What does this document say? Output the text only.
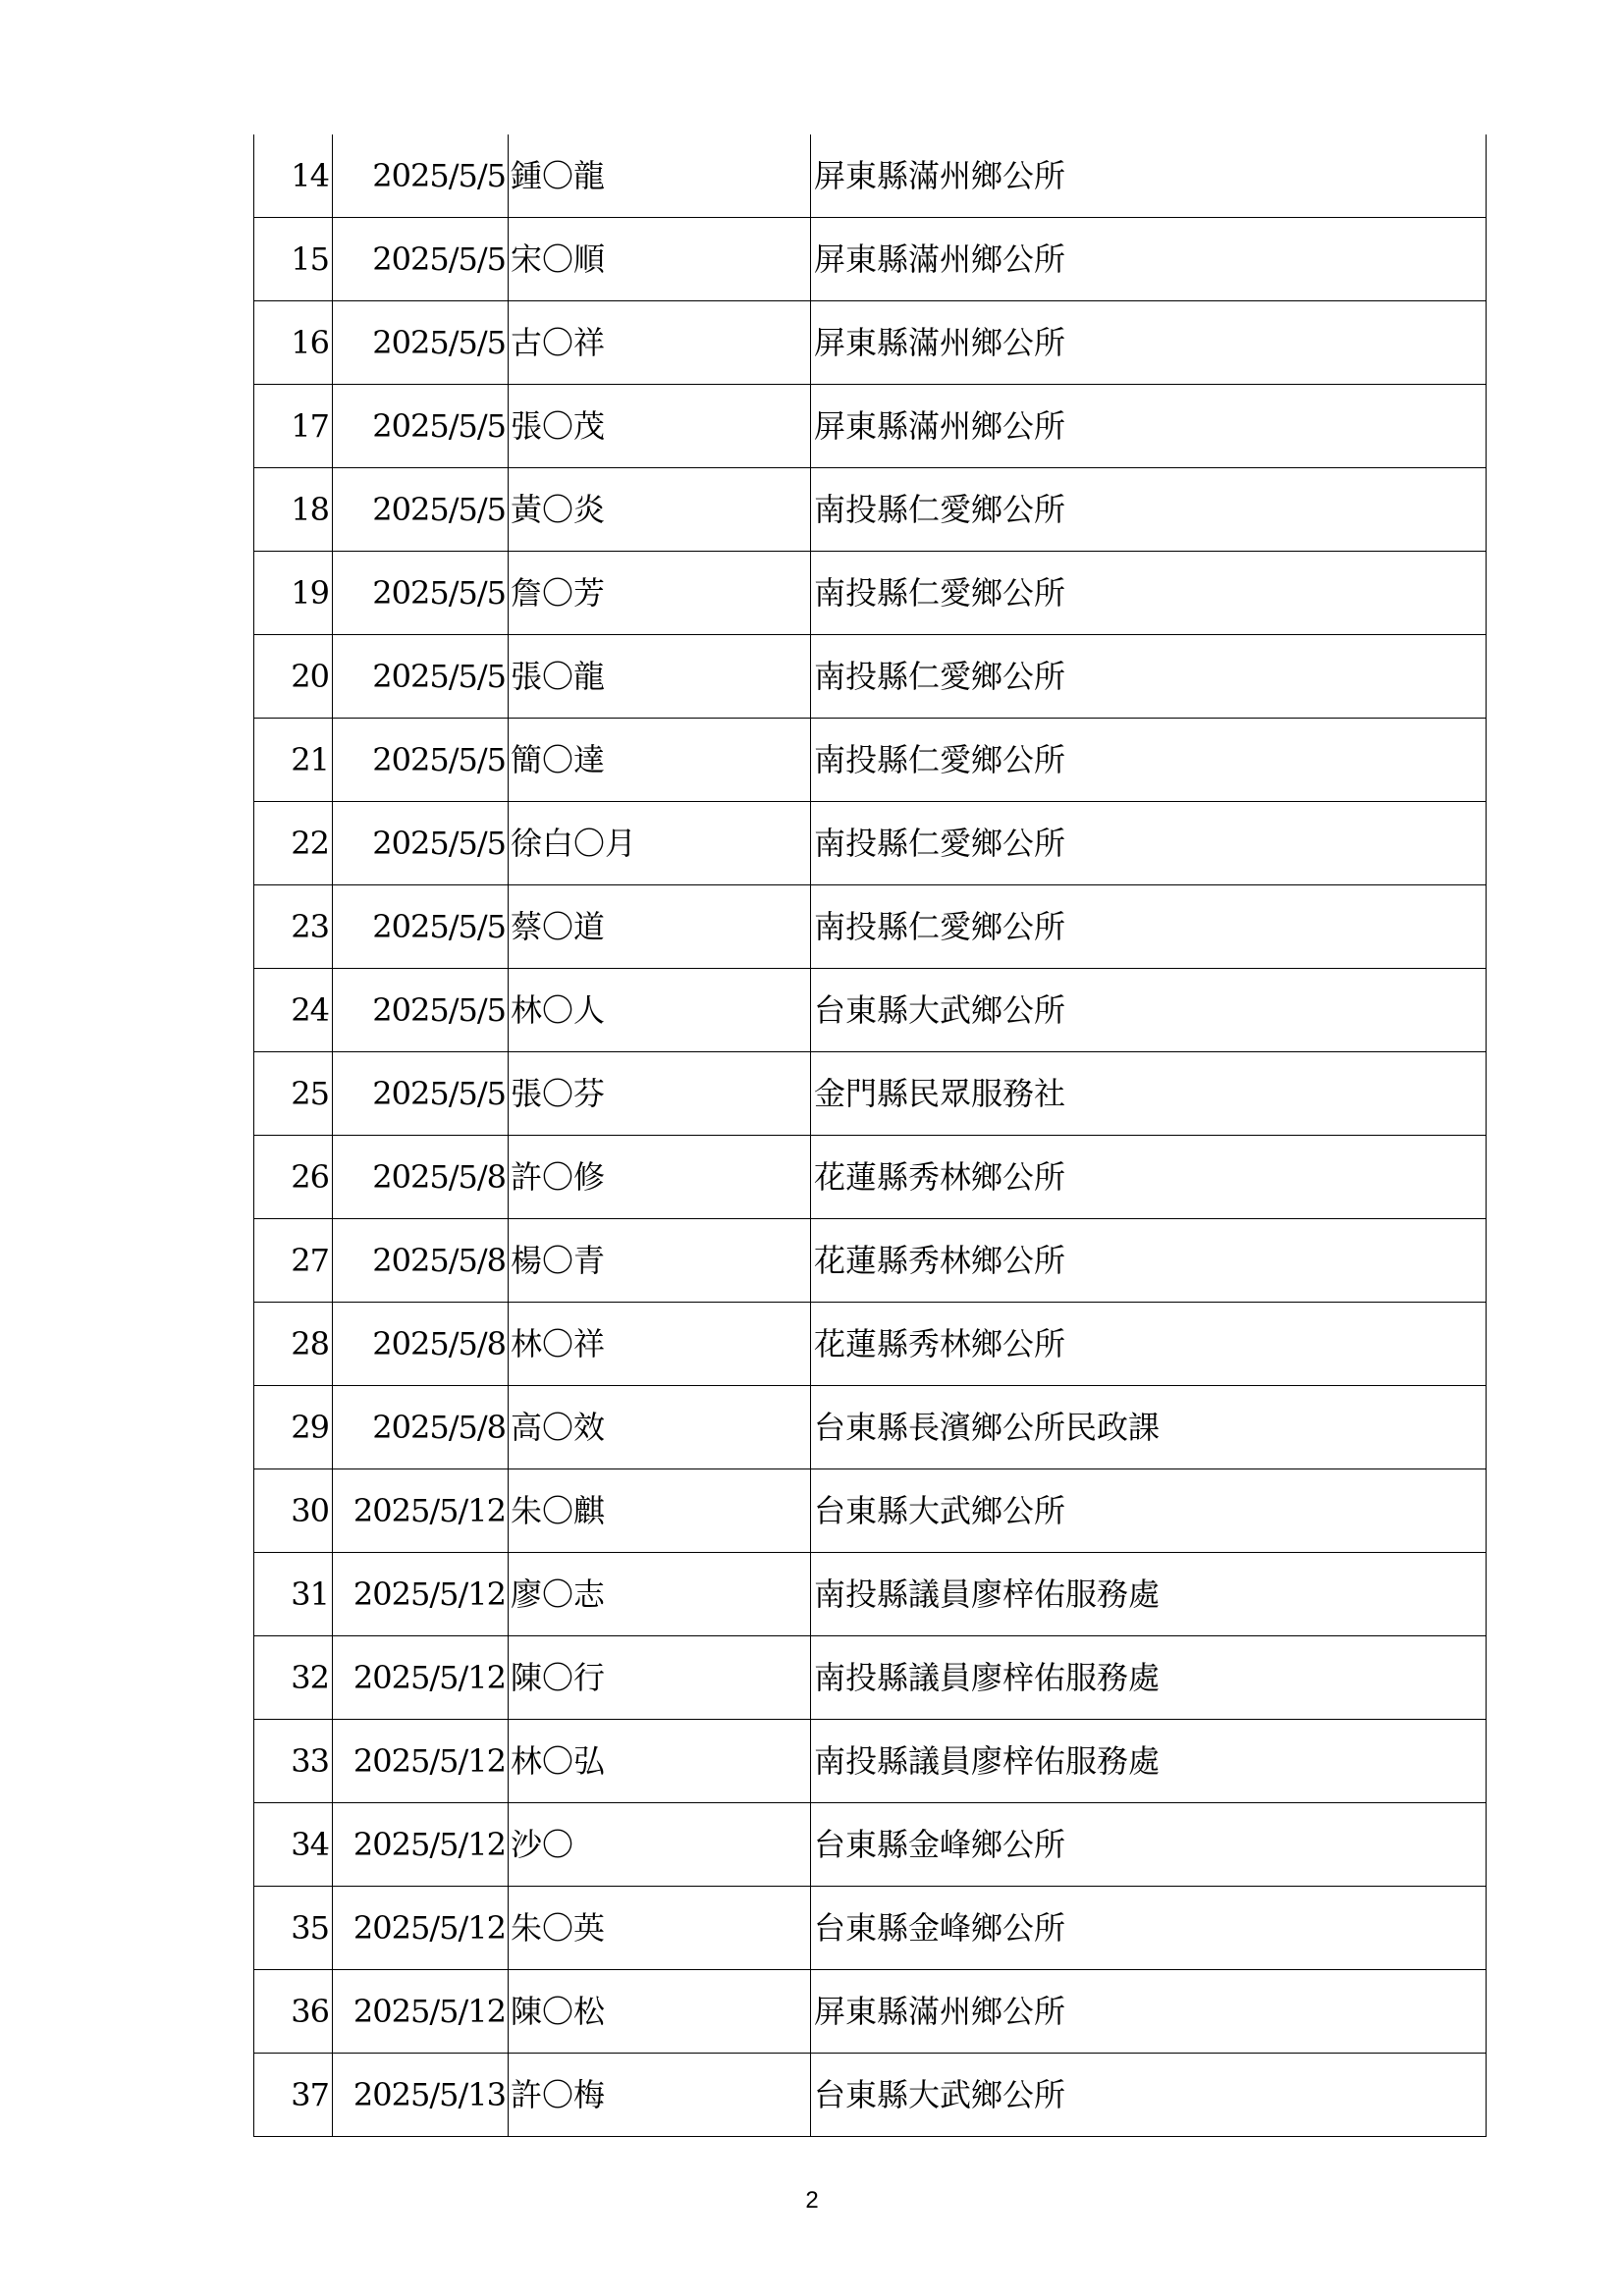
14	2025/5/5	鍾〇龍	屏東縣滿州鄉公所
15	2025/5/5	宋〇順	屏東縣滿州鄉公所
16	2025/5/5	古〇祥	屏東縣滿州鄉公所
17	2025/5/5	張〇茂	屏東縣滿州鄉公所
18	2025/5/5	黃〇炎	南投縣仁愛鄉公所
19	2025/5/5	詹〇芳	南投縣仁愛鄉公所
20	2025/5/5	張〇龍	南投縣仁愛鄉公所
21	2025/5/5	簡〇達	南投縣仁愛鄉公所
22	2025/5/5	徐白〇月	南投縣仁愛鄉公所
23	2025/5/5	蔡〇道	南投縣仁愛鄉公所
24	2025/5/5	林〇人	台東縣大武鄉公所
25	2025/5/5	張〇芬	金門縣民眾服務社
26	2025/5/8	許〇修	花蓮縣秀林鄉公所
27	2025/5/8	楊〇青	花蓮縣秀林鄉公所
28	2025/5/8	林〇祥	花蓮縣秀林鄉公所
29	2025/5/8	高〇效	台東縣長濱鄉公所民政課
30	2025/5/12	朱〇麒	台東縣大武鄉公所
31	2025/5/12	廖〇志	南投縣議員廖梓佑服務處
32	2025/5/12	陳〇行	南投縣議員廖梓佑服務處
33	2025/5/12	林〇弘	南投縣議員廖梓佑服務處
34	2025/5/12	沙〇	台東縣金峰鄉公所
35	2025/5/12	朱〇英	台東縣金峰鄉公所
36	2025/5/12	陳〇松	屏東縣滿州鄉公所
37	2025/5/13	許〇梅	台東縣大武鄉公所
2
